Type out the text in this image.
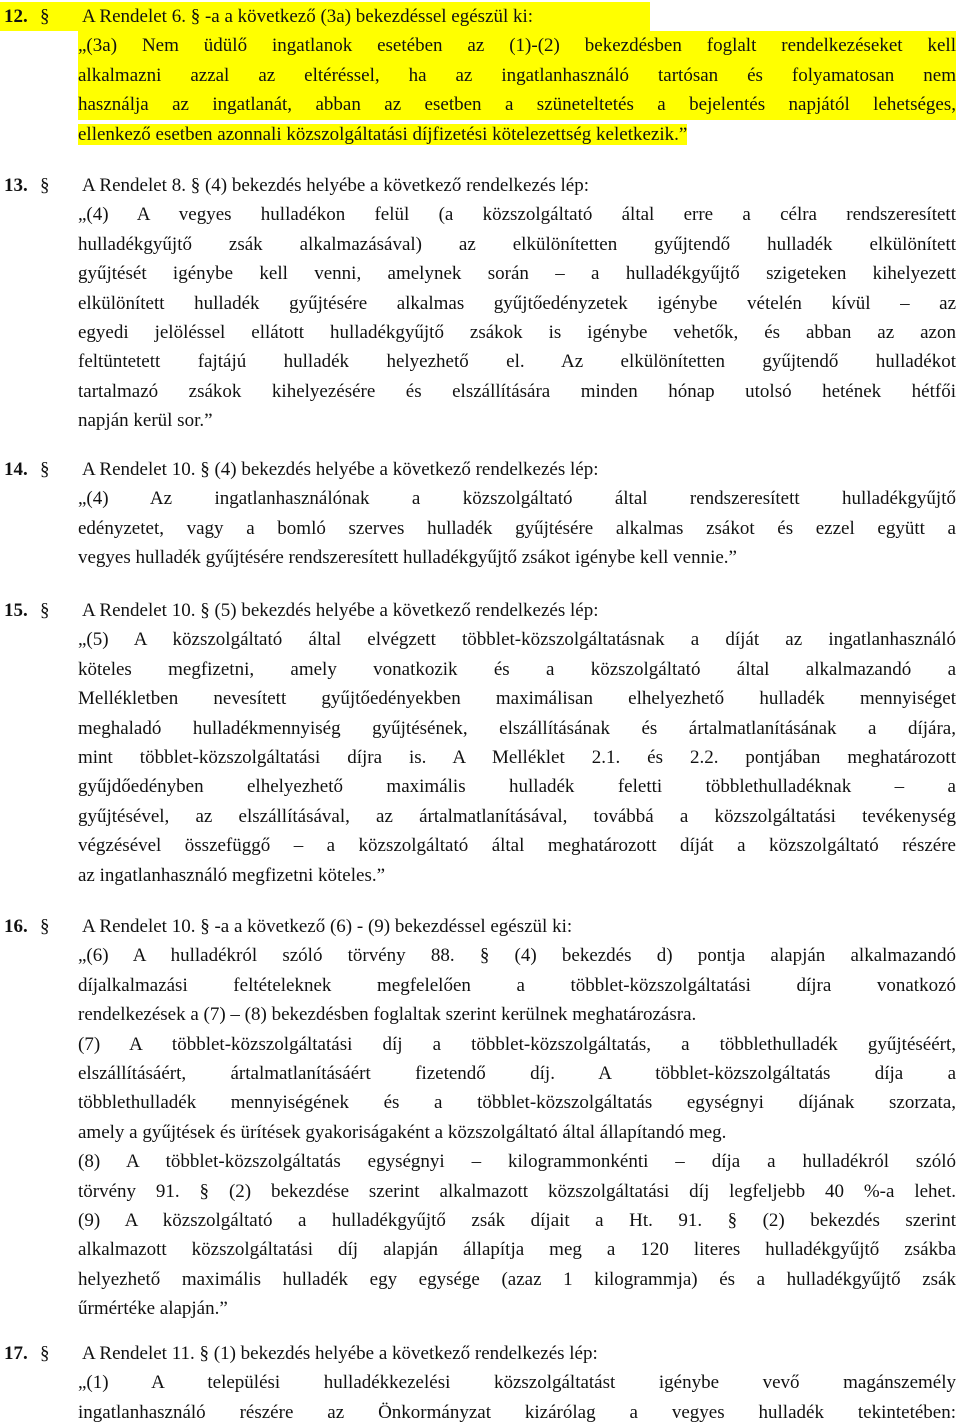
12. §	A Rendelet 6. § -a a következő (3a) bekezdéssel egészül ki:
„(3a) Nem üdülő ingatlanok esetében az (1)-(2) bekezdésben foglalt rendelkezéseket kell
alkalmazni azzal az eltéréssel, ha az ingatlanhasználó tartósan és folyamatosan nem
használja az ingatlanát, abban az esetben a szüneteltetés a bejelentés napjától lehetséges,
ellenkező esetben azonnali közszolgáltatási díjfizetési kötelezettség keletkezik.”
13. §	A Rendelet 8. § (4) bekezdés helyébe a következő rendelkezés lép:
„(4) A vegyes hulladékon felül (a közszolgáltató által erre a célra rendszeresített
hulladékgyűjtő zsák alkalmazásával) az elkülönítetten gyűjtendő hulladék elkülönített
gyűjtését igénybe kell venni, amelynek során – a hulladékgyűjtő szigeteken kihelyezett
elkülönített hulladék gyűjtésére alkalmas gyűjtőedényzetek igénybe vételén kívül – az
egyedi jelöléssel ellátott hulladékgyűjtő zsákok is igénybe vehetők, és abban az azon
feltüntetett fajtájú hulladék helyezhető el. Az elkülönítetten gyűjtendő hulladékot
tartalmazó zsákok kihelyezésére és elszállítására minden hónap utolsó hetének hétfői
napján kerül sor.”
14. §	A Rendelet 10. § (4) bekezdés helyébe a következő rendelkezés lép:
„(4) Az ingatlanhasználónak a közszolgáltató által rendszeresített hulladékgyűjtő
edényzetet, vagy a bomló szerves hulladék gyűjtésére alkalmas zsákot és ezzel együtt a
vegyes hulladék gyűjtésére rendszeresített hulladékgyűjtő zsákot igénybe kell vennie.”
15. §	A Rendelet 10. § (5) bekezdés helyébe a következő rendelkezés lép:
„(5) A közszolgáltató által elvégzett többlet-közszolgáltatásnak a díját az ingatlanhasználó
köteles megfizetni, amely vonatkozik és a közszolgáltató által alkalmazandó a
Mellékletben nevesített gyűjtőedényekben maximálisan elhelyezhető hulladék mennyiséget
meghaladó hulladékmennyiség gyűjtésének, elszállításának és ártalmatlanításának a díjára,
mint többlet-közszolgáltatási díjra is. A Melléklet 2.1. és 2.2. pontjában meghatározott
gyűjdőedényben elhelyezhető maximális hulladék feletti többlethulladéknak – a
gyűjtésével, az elszállításával, az ártalmatlanításával, továbbá a közszolgáltatási tevékenység
végzésével összefüggő – a közszolgáltató által meghatározott díját a közszolgáltató részére
az ingatlanhasználó megfizetni köteles.”
16. §	A Rendelet 10. § -a a következő (6) - (9) bekezdéssel egészül ki:
„(6) A hulladékról szóló törvény 88. § (4) bekezdés d) pontja alapján alkalmazandó
díjalkalmazási feltételeknek megfelelően a többlet-közszolgáltatási díjra vonatkozó
rendelkezések a (7) – (8) bekezdésben foglaltak szerint kerülnek meghatározásra.
(7) A többlet-közszolgáltatási díj a többlet-közszolgáltatás, a többlethulladék gyűjtéséért,
elszállításáért, ártalmatlanításáért fizetendő díj. A többlet-közszolgáltatás díja a
többlethulladék mennyiségének és a többlet-közszolgáltatás egységnyi díjának szorzata,
amely a gyűjtések és ürítések gyakoriságaként a közszolgáltató által állapítandó meg.
(8) A többlet-közszolgáltatás egységnyi – kilogrammonkénti – díja a hulladékról szóló
törvény 91. § (2) bekezdése szerint alkalmazott közszolgáltatási díj legfeljebb 40 %-a lehet.
(9) A közszolgáltató a hulladékgyűjtő zsák díjait a Ht. 91. § (2) bekezdés szerint
alkalmazott közszolgáltatási díj alapján állapítja meg a 120 literes hulladékgyűjtő zsákba
helyezhető maximális hulladék egy egysége (azaz 1 kilogrammja) és a hulladékgyűjtő zsák
űrmértéke alapján.”
17. §	A Rendelet 11. § (1) bekezdés helyébe a következő rendelkezés lép:
„(1) A települési hulladékkezelési közszolgáltatást igénybe vevő magánszemély
ingatlanhasználó részére az Önkormányzat kizárólag a vegyes hulladék tekintetében:
